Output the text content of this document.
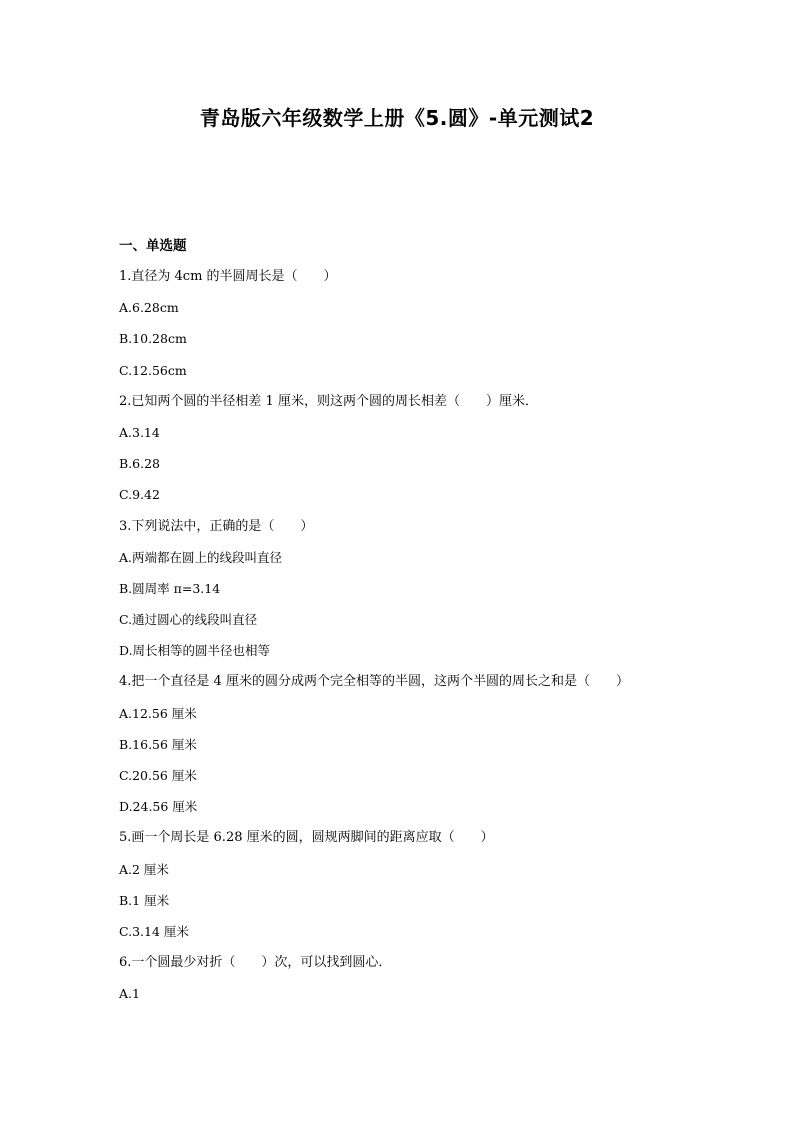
青岛版六年级数学上册《5.圆》-单元测试2
一、单选题
1.直径为 4cm 的半圆周长是（　　）
A.6.28cm
B.10.28cm
C.12.56cm
2.已知两个圆的半径相差 1 厘米，则这两个圆的周长相差（　　）厘米．
A.3.14
B.6.28
C.9.42
3.下列说法中，正确的是（　　）
A.两端都在圆上的线段叫直径
B.圆周率 π=3.14
C.通过圆心的线段叫直径
D.周长相等的圆半径也相等
4.把一个直径是 4 厘米的圆分成两个完全相等的半圆，这两个半圆的周长之和是（　　）
A.12.56 厘米
B.16.56 厘米
C.20.56 厘米
D.24.56 厘米
5.画一个周长是 6.28 厘米的圆，圆规两脚间的距离应取（　　）
A.2 厘米
B.1 厘米
C.3.14 厘米
6.一个圆最少对折（　　）次，可以找到圆心．
A.1
